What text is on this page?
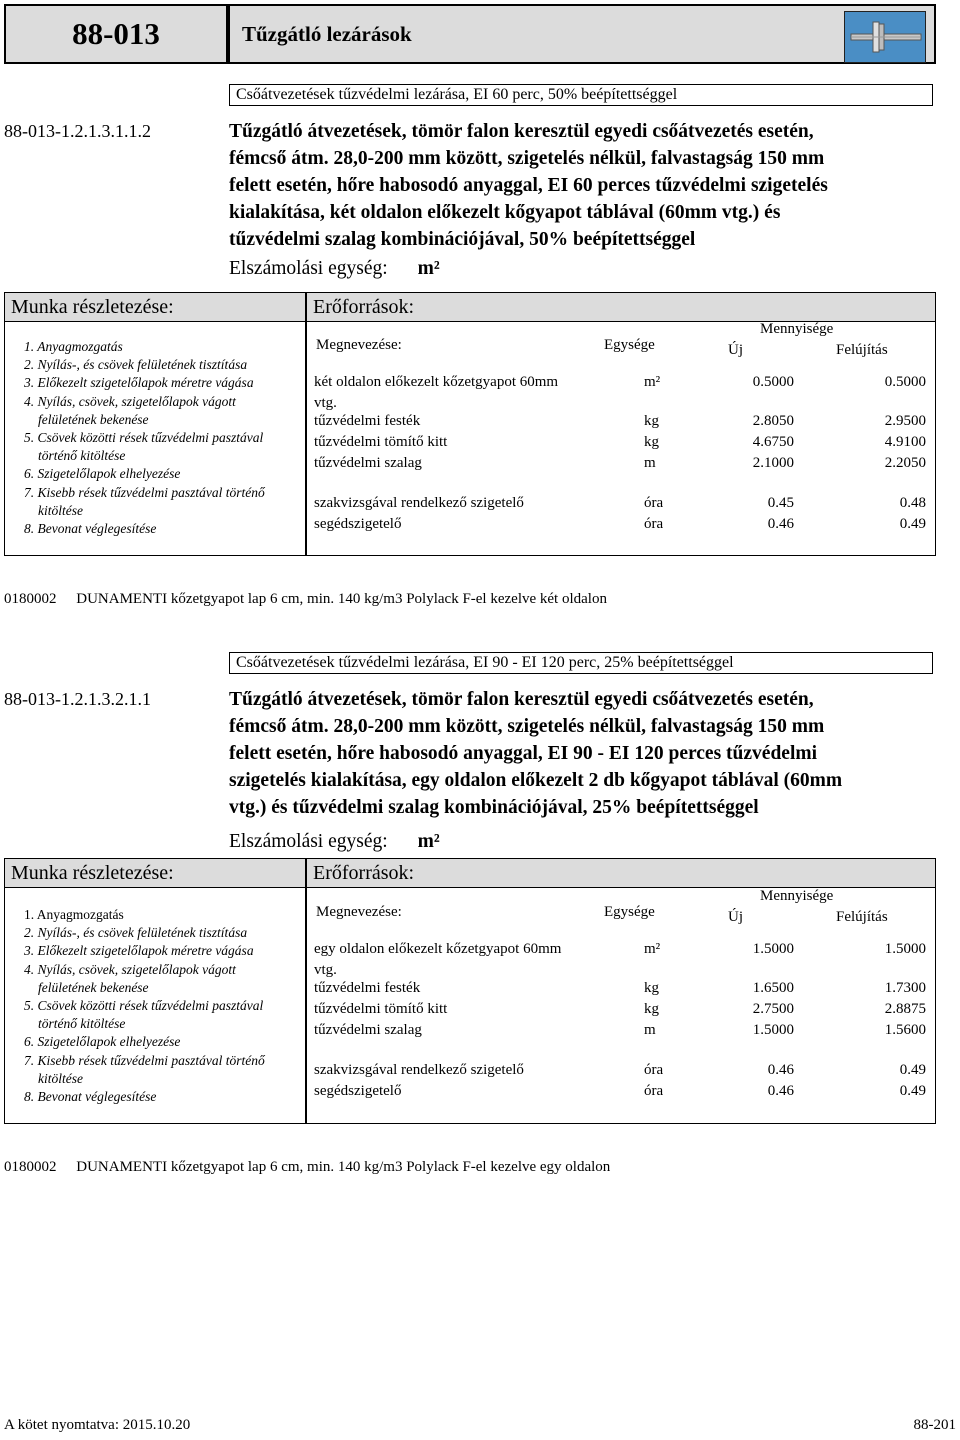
88-013	Tűzgátló lezárások
Csőátvezetések tűzvédelmi lezárása, EI 60 perc, 50% beépítettséggel
88-013-1.2.1.3.1.1.2	Tűzgátló átvezetések, tömör falon keresztül egyedi csőátvezetés esetén,
fémcső átm. 28,0-200 mm között, szigetelés nélkül, falvastagság 150 mm
felett esetén, hőre habosodó anyaggal, EI 60 perces tűzvédelmi szigetelés
kialakítása, két oldalon előkezelt kőgyapot táblával (60mm vtg.) és
tűzvédelmi szalag kombinációjával, 50% beépítettséggel
Elszámolási egység: m²
Munka részletezése:
1. Anyagmozgatás
2. Nyílás-, és csövek felületének tisztítása
3. Előkezelt szigetelőlapok méretre vágása
4. Nyílás, csövek, szigetelőlapok vágott
felületének bekenése
5. Csövek közötti rések tűzvédelmi pasztával
történő kitöltése
6. Szigetelőlapok elhelyezése
7. Kisebb rések tűzvédelmi pasztával történő
kitöltése
8. Bevonat véglegesítése
Erőforrások:
Megnevezése:	Egysége
Mennyisége
Új	Felújítás
két oldalon előkezelt kőzetgyapot 60mm
vtg.
m²	0.5000	0.5000
tűzvédelmi festék	kg	2.8050	2.9500
tűzvédelmi tömítő kitt	kg	4.6750	4.9100
tűzvédelmi szalag	m	2.1000	2.2050
szakvizsgával rendelkező szigetelő	óra	0.45	0.48
segédszigetelő	óra	0.46	0.49
0180002 DUNAMENTI kőzetgyapot lap 6 cm, min. 140 kg/m3 Polylack F-el kezelve két oldalon
Csőátvezetések tűzvédelmi lezárása, EI 90 - EI 120 perc, 25% beépítettséggel
88-013-1.2.1.3.2.1.1	Tűzgátló átvezetések, tömör falon keresztül egyedi csőátvezetés esetén,
fémcső átm. 28,0-200 mm között, szigetelés nélkül, falvastagság 150 mm
felett esetén, hőre habosodó anyaggal, EI 90 - EI 120 perces tűzvédelmi
szigetelés kialakítása, egy oldalon előkezelt 2 db kőgyapot táblával (60mm
vtg.) és tűzvédelmi szalag kombinációjával, 25% beépítettséggel
Elszámolási egység: m²
Munka részletezése:
1. Anyagmozgatás
2. Nyílás-, és csövek felületének tisztítása
3. Előkezelt szigetelőlapok méretre vágása
4. Nyílás, csövek, szigetelőlapok vágott
felületének bekenése
5. Csövek közötti rések tűzvédelmi pasztával
történő kitöltése
6. Szigetelőlapok elhelyezése
7. Kisebb rések tűzvédelmi pasztával történő
kitöltése
8. Bevonat véglegesítése
Erőforrások:
Megnevezése:	Egysége
Mennyisége
Új	Felújítás
egy oldalon előkezelt kőzetgyapot 60mm
vtg.
m²	1.5000	1.5000
tűzvédelmi festék	kg	1.6500	1.7300
tűzvédelmi tömítő kitt	kg	2.7500	2.8875
tűzvédelmi szalag	m	1.5000	1.5600
szakvizsgával rendelkező szigetelő	óra	0.46	0.49
segédszigetelő	óra	0.46	0.49
0180002 DUNAMENTI kőzetgyapot lap 6 cm, min. 140 kg/m3 Polylack F-el kezelve egy oldalon
A kötet nyomtatva: 2015.10.20	88-201
